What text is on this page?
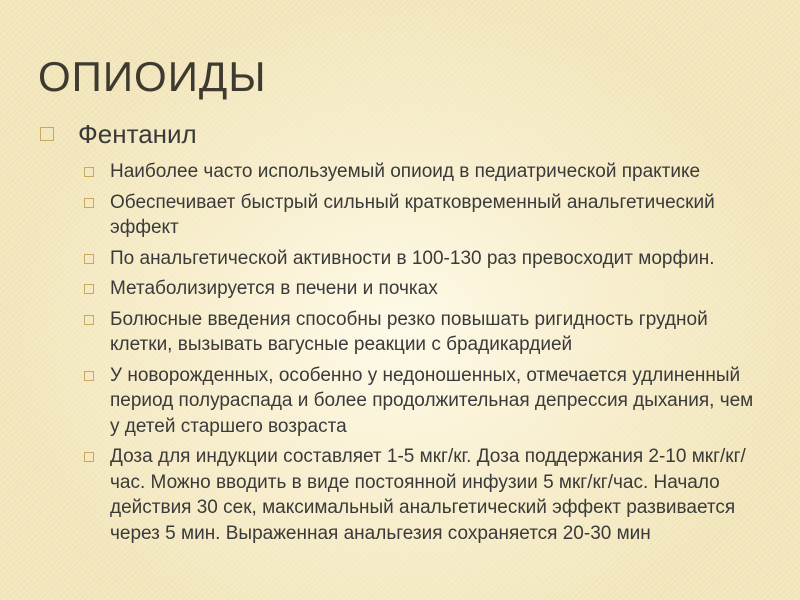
ОПИОИДЫ
Фентанил
Наиболее часто используемый опиоид в педиатрической практике
Обеспечивает быстрый сильный кратковременный анальгетический эффект
По анальгетической активности в 100-130 раз превосходит морфин.
Метаболизируется в печени и почках
Болюсные введения способны резко повышать ригидность грудной клетки, вызывать вагусные реакции с брадикардией
У новорожденных, особенно у недоношенных, отмечается удлиненный период полураспада и более продолжительная депрессия дыхания, чем у детей старшего возраста
Доза для индукции составляет 1-5 мкг/кг. Доза поддержания 2-10 мкг/кг/час. Можно вводить в виде постоянной инфузии 5 мкг/кг/час. Начало действия 30 сек, максимальный анальгетический эффект развивается через 5 мин. Выраженная анальгезия сохраняется 20-30 мин
